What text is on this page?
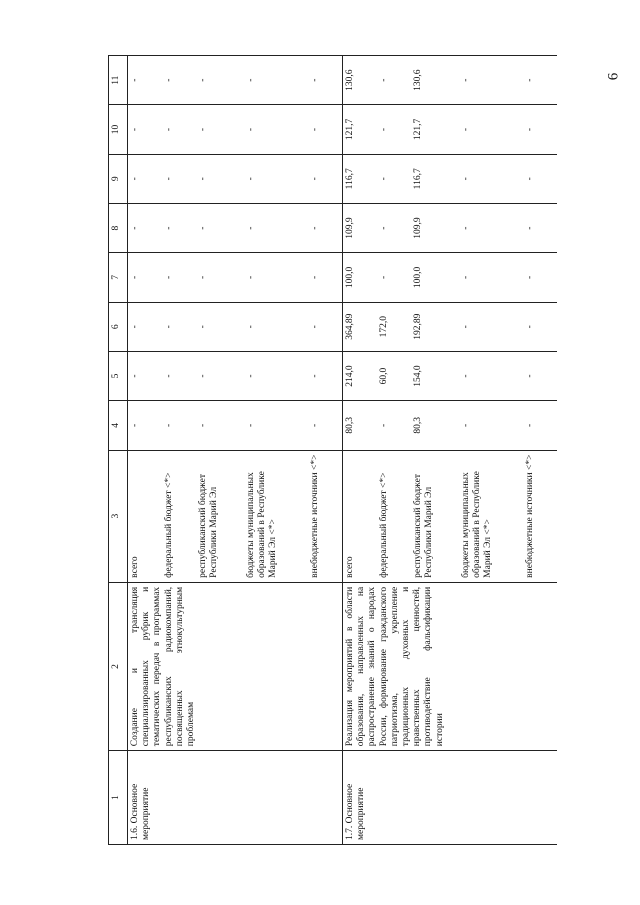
6
1	2	3	4	5	6	7	8	9	10	11
1.6. Основное мероприятие	Создание и трансляция специализированных рубрик и тематических передач в программах республиканских радиокомпаний, посвященных этнокультурным проблемам	всего	-	-	-	-	-	-	-	-
		федеральный бюджет <*>	-	-	-	-	-	-	-	-
		республиканский бюджет Республики Марий Эл	-	-	-	-	-	-	-	-
		бюджеты муниципальных образований в Республике Марий Эл <*>	-	-	-	-	-	-	-	-
		внебюджетные источники <*>	-	-	-	-	-	-	-	-
1.7. Основное мероприятие	Реализация мероприятий в области образования, направленных на распространение знаний о народах России, формирование гражданского патриотизма, укрепление традиционных духовных и нравственных ценностей, противодействие фальсификации истории	всего	80,3	214,0	364,89	100,0	109,9	116,7	121,7	130,6
		федеральный бюджет <*>	-	60,0	172,0	-	-	-	-	-
		республиканский бюджет Республики Марий Эл	80,3	154,0	192,89	100,0	109,9	116,7	121,7	130,6
		бюджеты муниципальных образований в Республике Марий Эл <*>	-	-	-	-	-	-	-	-
		внебюджетные источники <*>	-	-	-	-	-	-	-	-
